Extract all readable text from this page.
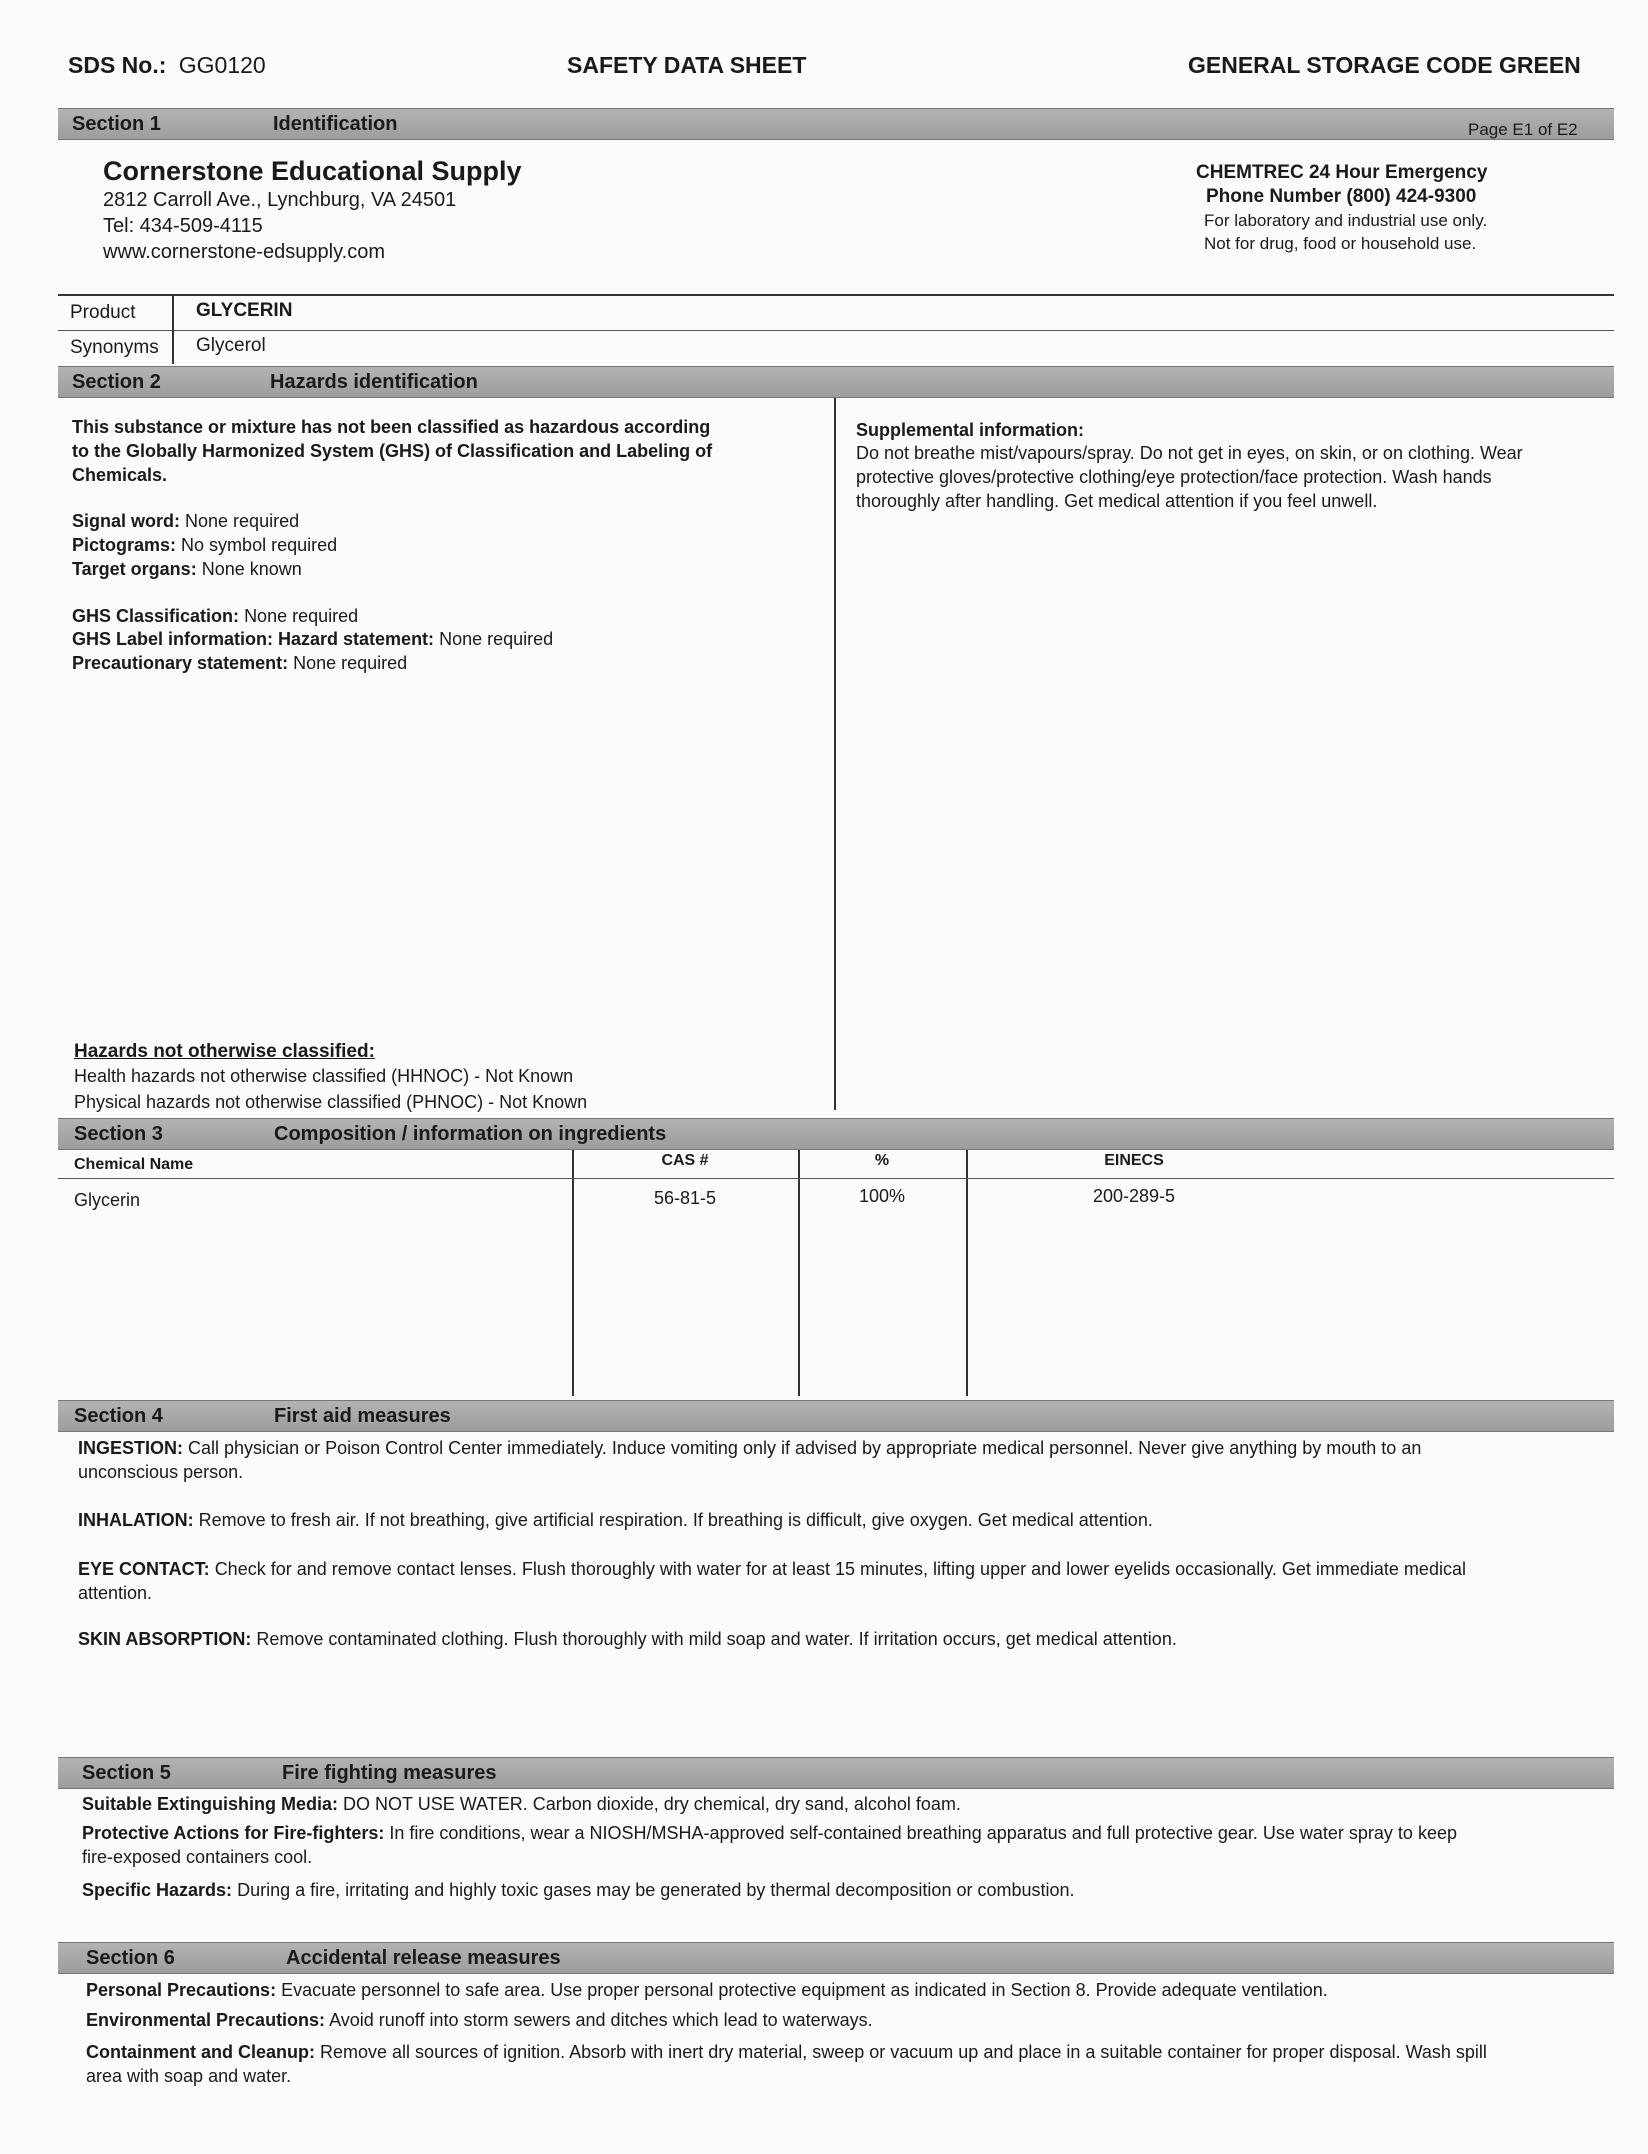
SDS No.: GG0120	SAFETY DATA SHEET	GENERAL STORAGE CODE GREEN
Section 1	Identification	Page E1 of E2
Cornerstone Educational Supply
2812 Carroll Ave., Lynchburg, VA 24501
Tel: 434-509-4115
www.cornerstone-edsupply.com
CHEMTREC 24 Hour Emergency
Phone Number (800) 424-9300
For laboratory and industrial use only.
Not for drug, food or household use.
Product	GLYCERIN
Synonyms Glycerol
Section 2	Hazards identification
This substance or mixture has not been classified as hazardous according
to the Globally Harmonized System (GHS) of Classification and Labeling of
Chemicals.
Signal word: None required
Pictograms: No symbol required
Target organs: None known
GHS Classification: None required
GHS Label information: Hazard statement: None required
Precautionary statement: None required
Supplemental information:
Do not breathe mist/vapours/spray. Do not get in eyes, on skin, or on clothing. Wear
protective gloves/protective clothing/eye protection/face protection. Wash hands
thoroughly after handling. Get medical attention if you feel unwell.
Hazards not otherwise classified:
Health hazards not otherwise classified (HHNOC) - Not Known
Physical hazards not otherwise classified (PHNOC) - Not Known
Section 3	Composition / information on ingredients
Chemical Name	CAS #	%	EINECS
Glycerin	56-81-5	100%	200-289-5
Section 4	First aid measures
INGESTION: Call physician or Poison Control Center immediately. Induce vomiting only if advised by appropriate medical personnel. Never give anything by mouth to an
unconscious person.
INHALATION: Remove to fresh air. If not breathing, give artificial respiration. If breathing is difficult, give oxygen. Get medical attention.
EYE CONTACT: Check for and remove contact lenses. Flush thoroughly with water for at least 15 minutes, lifting upper and lower eyelids occasionally. Get immediate medical
attention.
SKIN ABSORPTION: Remove contaminated clothing. Flush thoroughly with mild soap and water. If irritation occurs, get medical attention.
Section 5	Fire fighting measures
Suitable Extinguishing Media: DO NOT USE WATER. Carbon dioxide, dry chemical, dry sand, alcohol foam.
Protective Actions for Fire-fighters: In fire conditions, wear a NIOSH/MSHA-approved self-contained breathing apparatus and full protective gear. Use water spray to keep
fire-exposed containers cool.
Specific Hazards: During a fire, irritating and highly toxic gases may be generated by thermal decomposition or combustion.
Section 6	Accidental release measures
Personal Precautions: Evacuate personnel to safe area. Use proper personal protective equipment as indicated in Section 8. Provide adequate ventilation.
Environmental Precautions: Avoid runoff into storm sewers and ditches which lead to waterways.
Containment and Cleanup: Remove all sources of ignition. Absorb with inert dry material, sweep or vacuum up and place in a suitable container for proper disposal. Wash spill
area with soap and water.
